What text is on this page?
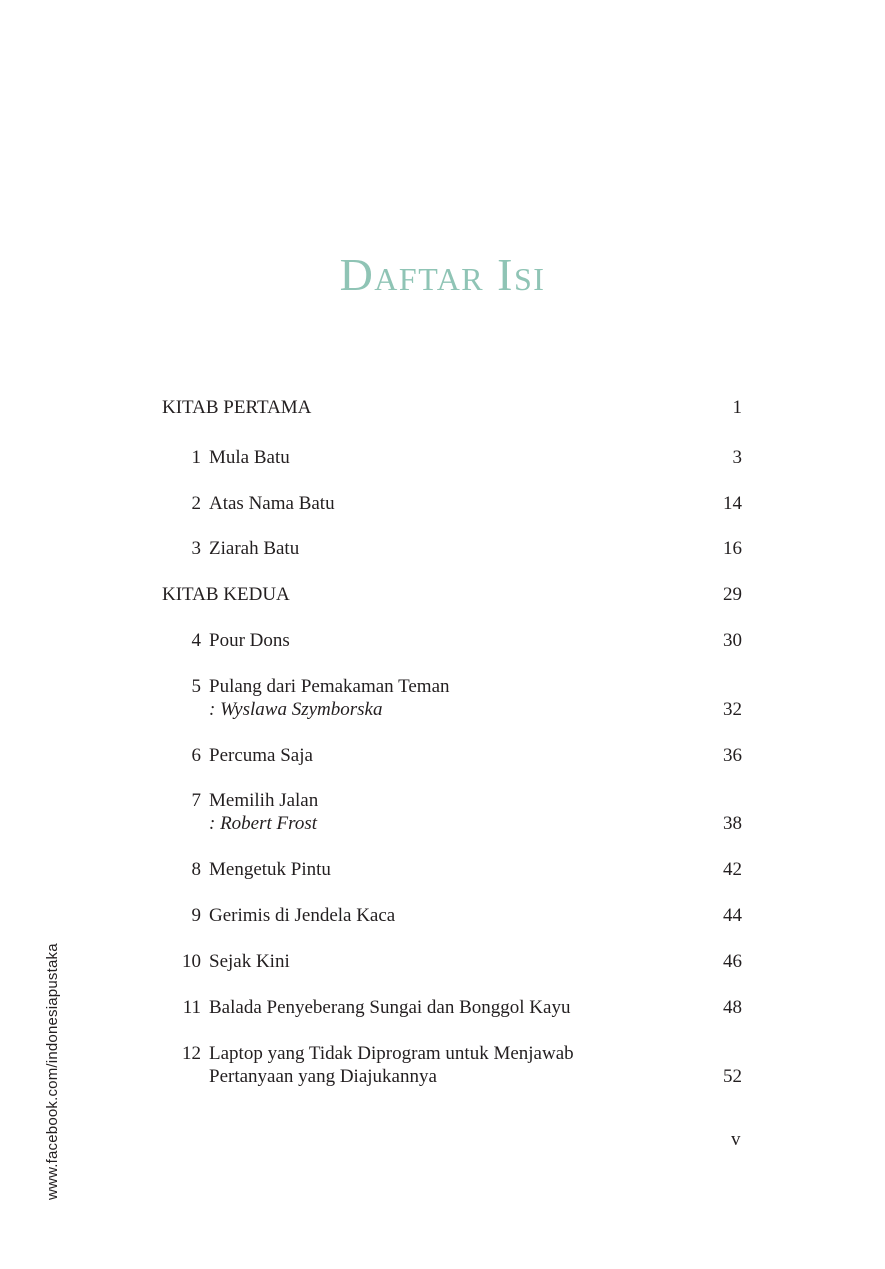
Daftar Isi
KITAB PERTAMA	1
1 Mula Batu	3
2 Atas Nama Batu	14
3 Ziarah Batu	16
KITAB KEDUA	29
4 Pour Dons	30
5 Pulang dari Pemakaman Teman
: Wyslawa Szymborska	32
6 Percuma Saja	36
7 Memilih Jalan
: Robert Frost	38
8 Mengetuk Pintu	42
9 Gerimis di Jendela Kaca	44
10 Sejak Kini	46
11 Balada Penyeberang Sungai dan Bonggol Kayu	48
12 Laptop yang Tidak Diprogram untuk Menjawab
Pertanyaan yang Diajukannya	52
v
www.facebook.com/indonesiapustaka
